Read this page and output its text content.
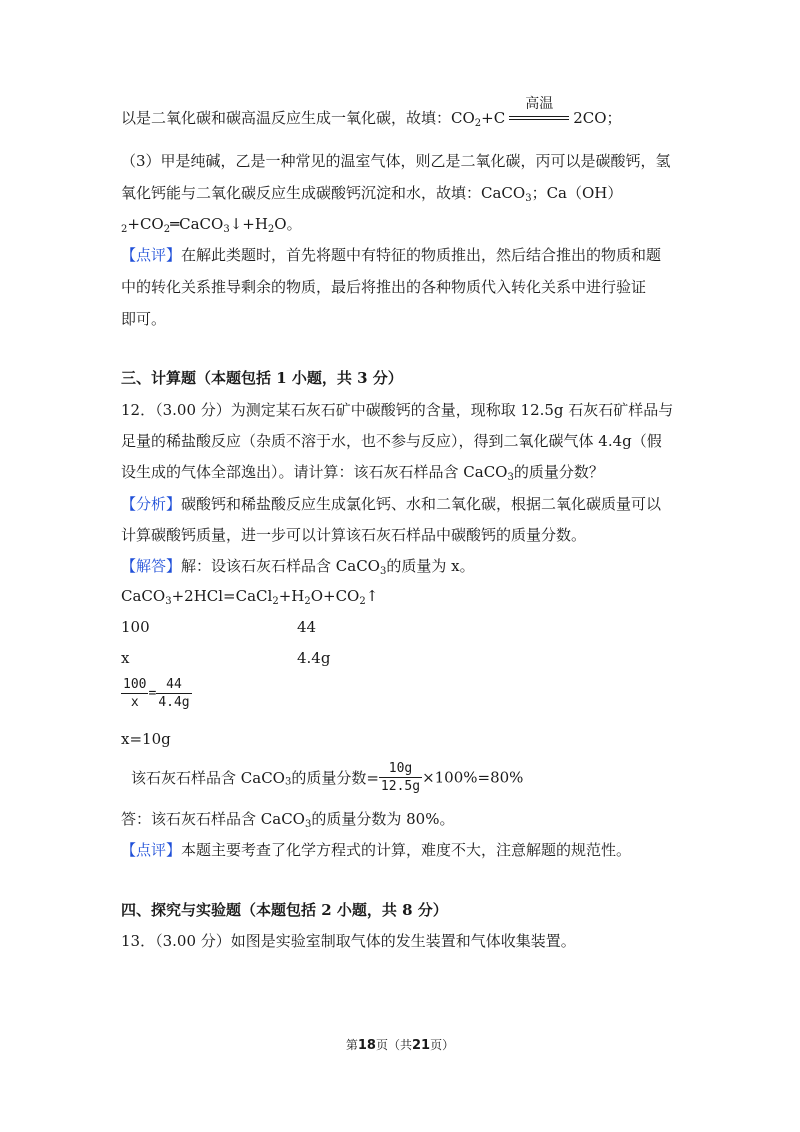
以是二氧化碳和碳高温反应生成一氧化碳，故填：$CO_2+C$
高温
2CO；
（3）甲是纯碱，乙是一种常见的温室气体，则乙是二氧化碳，丙可以是碳酸钙，氢
氧化钙能与二氧化碳反应生成碳酸钙沉淀和水，故填：CaCO$_3$；Ca（OH）
$_2+CO_2═CaCO_3↓+H_2O$。
【点评】在解此类题时，首先将题中有特征的物质推出，然后结合推出的物质和题
中的转化关系推导剩余的物质，最后将推出的各种物质代入转化关系中进行验证
即可。
三、计算题（本题包括 1 小题，共 3 分）
12．（3.00 分）为测定某石灰石矿中碳酸钙的含量，现称取 12.5g 石灰石矿样品与
足量的稀盐酸反应（杂质不溶于水，也不参与反应），得到二氧化碳气体 4.4g（假
设生成的气体全部逸出）。请计算：该石灰石样品含 CaCO$_3$的质量分数？
【分析】碳酸钙和稀盐酸反应生成氯化钙、水和二氧化碳，根据二氧化碳质量可以
计算碳酸钙质量，进一步可以计算该石灰石样品中碳酸钙的质量分数。
【解答】解：设该石灰石样品含 CaCO$_3$的质量为 x。
$CaCO_3+2HCl=CaCl_2+H_2O+CO_2↑$
100	44
x	4.4g
$\frac{100}{x} = \frac{44}{4.4g}$
x=10g
该石灰石样品含 CaCO$_3$的质量分数= $\frac{10g}{12.5g} \times 100\%=80\%$
答：该石灰石样品含 CaCO$_3$的质量分数为 80%。
【点评】本题主要考查了化学方程式的计算，难度不大，注意解题的规范性。
四、探究与实验题（本题包括 2 小题，共 8 分）
13．（3.00 分）如图是实验室制取气体的发生装置和气体收集装置。
第18页（共21页）
